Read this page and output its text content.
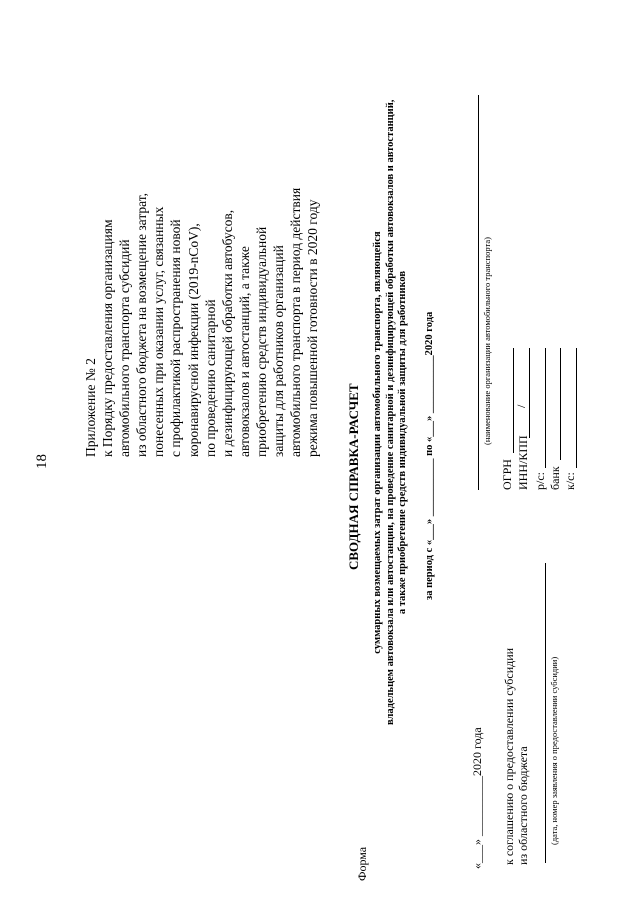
18
Приложение № 2 к Порядку предоставления организациям автомобильного транспорта субсидий из областного бюджета на возмещение затрат, понесенных при оказании услуг, связанных с профилактикой распространения новой коронавирусной инфекции (2019-nCoV), по проведению санитарной и дезинфицирующей обработки автобусов, автовокзалов и автостанций, а также приобретению средств индивидуальной защиты для работников организаций автомобильного транспорта в период действия режима повышенной готовности в 2020 году
Форма
СВОДНАЯ СПРАВКА-РАСЧЕТ суммарных возмещаемых затрат организации автомобильного транспорта, являющейся владельцем автовокзала или автостанции, на проведение санитарной и дезинфицирующей обработки автовокзалов и автостанций, а также приобретение средств индивидуальной защиты для работников за период с «___» ___________ по «___» ___________2020 года
«___» __________2020 года к соглашению о предоставлении субсидии из областного бюджета (дата, номер заявления о предоставлении субсидии)
(наименование организации автомобильного транспорта)
ОГРН ИНН/КПП
/
р/с: банк к/с:
